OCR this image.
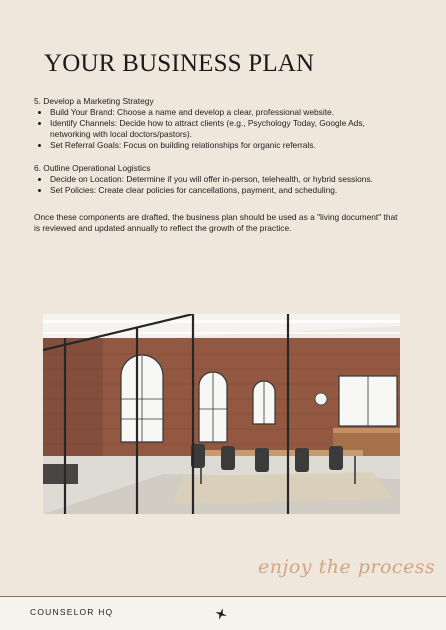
YOUR BUSINESS PLAN
5. Develop a Marketing Strategy
• Build Your Brand: Choose a name and develop a clear, professional website.
• Identify Channels: Decide how to attract clients (e.g., Psychology Today, Google Ads, networking with local doctors/pastors).
• Set Referral Goals: Focus on building relationships for organic referrals.
6. Outline Operational Logistics
• Decide on Location: Determine if you will offer in-person, telehealth, or hybrid sessions.
• Set Policies: Create clear policies for cancellations, payment, and scheduling.

Once these components are drafted, the business plan should be used as a "living document" that is reviewed and updated annually to reflect the growth of the practice.

enjoy the process
COUNSELOR HQ
